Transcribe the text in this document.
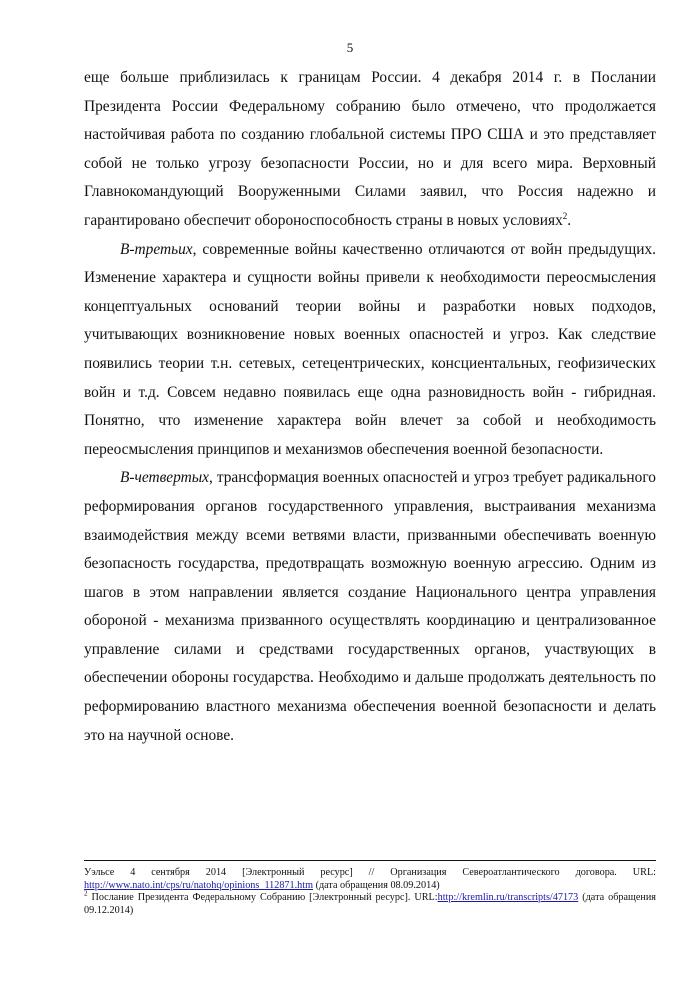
5

еще больше приблизилась к границам России. 4 декабря 2014 г. в Послании Президента России Федеральному собранию было отмечено, что продолжается настойчивая работа по созданию глобальной системы ПРО США и это представляет собой не только угрозу безопасности России, но и для всего мира. Верховный Главнокомандующий Вооруженными Силами заявил, что Россия надежно и гарантировано обеспечит обороноспособность страны в новых условиях$^2$.

В-третьих, современные войны качественно отличаются от войн предыдущих. Изменение характера и сущности войны привели к необходимости переосмысления концептуальных оснований теории войны и разработки новых подходов, учитывающих возникновение новых военных опасностей и угроз. Как следствие появились теории т.н. сетевых, сетецентрических, консциентальных, геофизических войн и т.д. Совсем недавно появилась еще одна разновидность войн - гибридная. Понятно, что изменение характера войн влечет за собой и необходимость переосмысления принципов и механизмов обеспечения военной безопасности.

В-четвертых, трансформация военных опасностей и угроз требует радикального реформирования органов государственного управления, выстраивания механизма взаимодействия между всеми ветвями власти, призванными обеспечивать военную безопасность государства, предотвращать возможную военную агрессию. Одним из шагов в этом направлении является создание Национального центра управления обороной - механизма призванного осуществлять координацию и централизованное управление силами и средствами государственных органов, участвующих в обеспечении обороны государства. Необходимо и дальше продолжать деятельность по реформированию властного механизма обеспечения военной безопасности и делать это на научной основе.

Уэльсе 4 сентября 2014 [Электронный ресурс] // Организация Североатлантического договора. URL: http://www.nato.int/cps/ru/natohq/opinions_112871.htm (дата обращения 08.09.2014)

$^2$ Послание Президента Федеральному Собранию [Электронный ресурс]. URL:http://kremlin.ru/transcripts/47173 (дата обращения 09.12.2014)
